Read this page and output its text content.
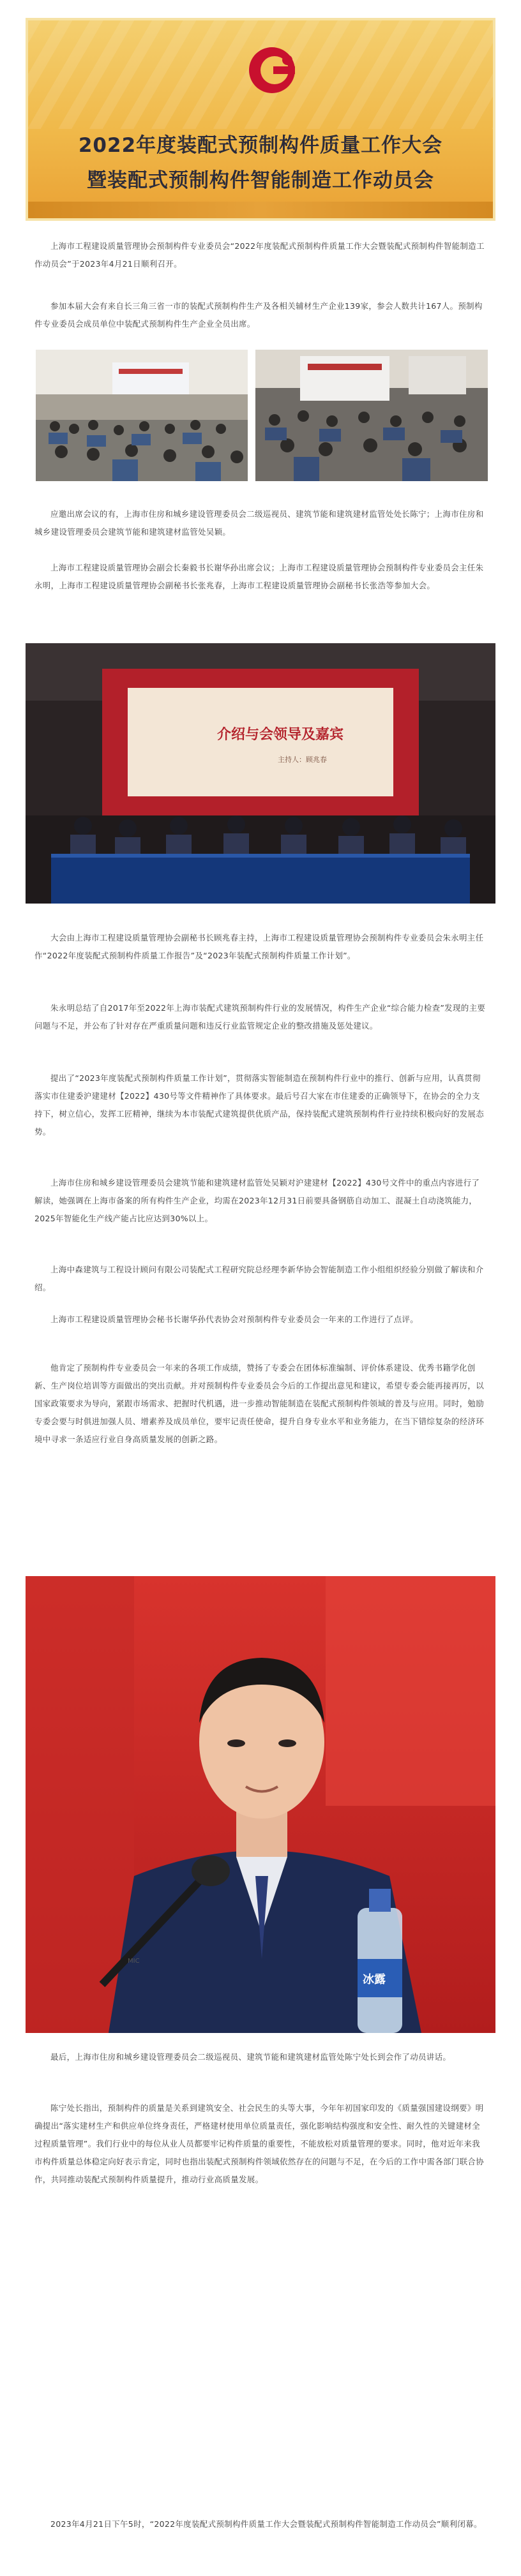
2022年度装配式预制构件质量工作大会
暨装配式预制构件智能制造工作动员会

上海市工程建设质量管理协会预制构件专业委员会“2022年度装配式预制构件质量工作大会暨装配式预制构件智能制造工作动员会”于2023年4月21日顺利召开。

参加本届大会有来自长三角三省一市的装配式预制构件生产及各相关辅材生产企业139家，参会人数共计167人。预制构件专业委员会成员单位中装配式预制构件生产企业全员出席。

应邀出席会议的有，上海市住房和城乡建设管理委员会二级巡视员、建筑节能和建筑建材监管处处长陈宁；上海市住房和城乡建设管理委员会建筑节能和建筑建材监管处吴颖。

上海市工程建设质量管理协会副会长秦毅书长谢华孙出席会议；上海市工程建设质量管理协会预制构件专业委员会主任朱永明，上海市工程建设质量管理协会副秘书长张兆春，上海市工程建设质量管理协会副秘书长张浩等参加大会。

介绍与会领导及嘉宾
主持人：顾兆春

大会由上海市工程建设质量管理协会副秘书长顾兆春主持，上海市工程建设质量管理协会预制构件专业委员会朱永明主任作“2022年度装配式预制构件质量工作报告”及“2023年装配式预制构件质量工作计划”。

朱永明总结了自2017年至2022年上海市装配式建筑预制构件行业的发展情况，构件生产企业“综合能力检查”发现的主要问题与不足，并公布了针对存在严重质量问题和违反行业监管规定企业的整改措施及惩处建议。

提出了“2023年度装配式预制构件质量工作计划”，贯彻落实智能制造在预制构件行业中的推行、创新与应用，认真贯彻落实市住建委沪建建材【2022】430号等文件精神作了具体要求。最后号召大家在市住建委的正确领导下，在协会的全力支持下，树立信心，发挥工匠精神，继续为本市装配式建筑提供优质产品，保持装配式建筑预制构件行业持续积极向好的发展态势。

上海市住房和城乡建设管理委员会建筑节能和建筑建材监管处吴颖对沪建建材【2022】430号文件中的重点内容进行了解读，她强调在上海市备案的所有构件生产企业，均需在2023年12月31日前要具备钢筋自动加工、混凝土自动浇筑能力，2025年智能化生产线产能占比应达到30%以上。

上海中森建筑与工程设计顾问有限公司装配式工程研究院总经理李新华协会智能制造工作小组组织经验分别做了解读和介绍。

上海市工程建设质量管理协会秘书长谢华孙代表协会对预制构件专业委员会一年来的工作进行了点评。

他肯定了预制构件专业委员会一年来的各项工作成绩，赞扬了专委会在团体标准编制、评价体系建设、优秀书籍学化创新、生产岗位培训等方面做出的突出贡献。并对预制构件专业委员会今后的工作提出意见和建议，希望专委会能再接再厉，以国家政策要求为导向，紧跟市场需求、把握时代机遇，进一步推动智能制造在装配式预制构件领域的普及与应用。同时，勉励专委会要与时俱进加强人员、增素养及成员单位，要牢记责任使命，提升自身专业水平和业务能力，在当下错综复杂的经济环境中寻求一条适应行业自身高质量发展的创新之路。

MIC
冰露

最后，上海市住房和城乡建设管理委员会二级巡视员、建筑节能和建筑建材监管处陈宁处长到会作了动员讲话。

陈宁处长指出，预制构件的质量是关系到建筑安全、社会民生的头等大事，今年年初国家印发的《质量强国建设纲要》明确提出“落实建材生产和供应单位终身责任，严格建材使用单位质量责任，强化影响结构强度和安全性、耐久性的关键建材全过程质量管理”。我们行业中的每位从业人员都要牢记构件质量的重要性，不能放松对质量管理的要求。同时，他对近年来我市构件质量总体稳定向好表示肯定，同时也指出装配式预制构件领域依然存在的问题与不足，在今后的工作中需各部门联合协作，共同推动装配式预制构件质量提升，推动行业高质量发展。

2023年4月21日下午5时，“2022年度装配式预制构件质量工作大会暨装配式预制构件智能制造工作动员会”顺利闭幕。
